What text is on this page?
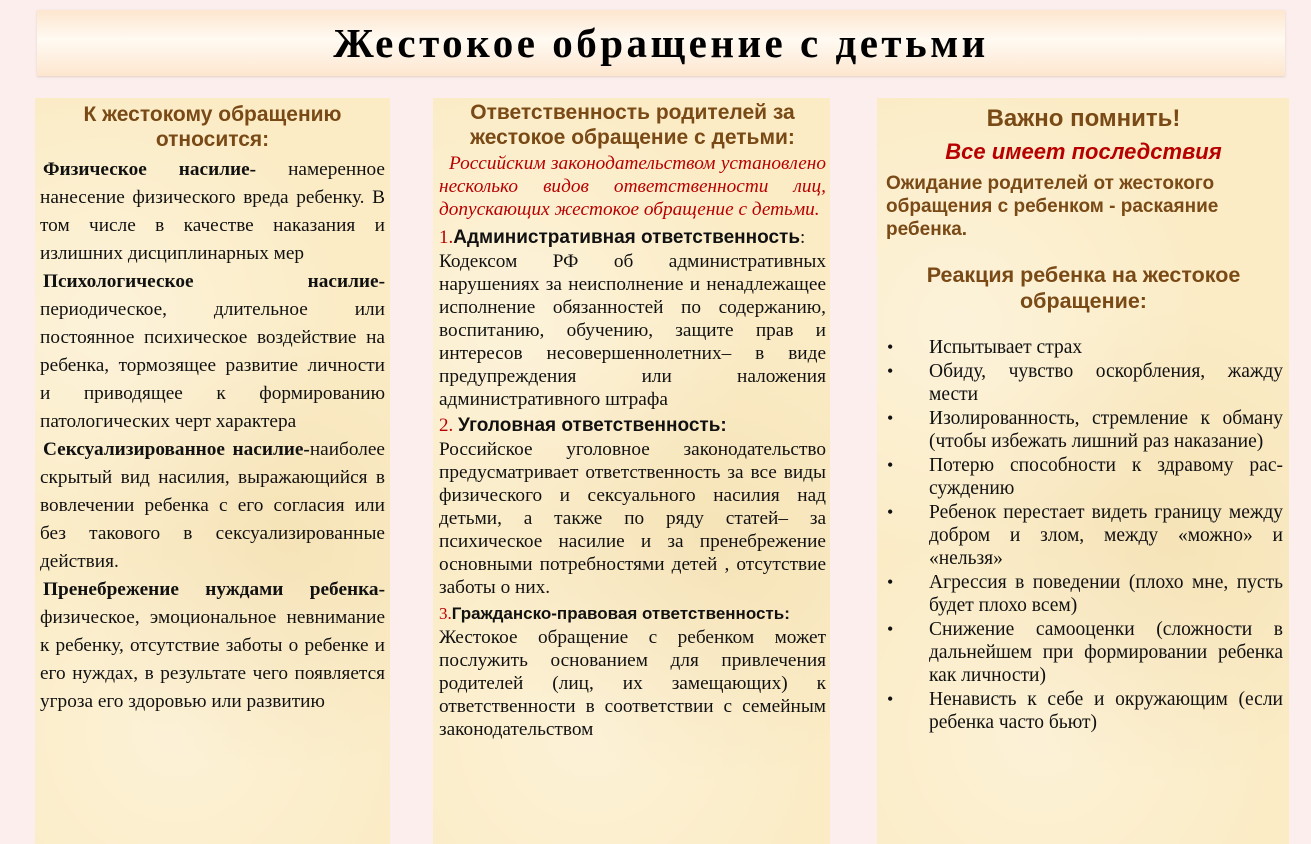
Жестокое обращение с детьми

К жестокому обращению относится:

Физическое насилие- намеренное нанесение физического вреда ребенку. В том числе в качестве наказания и излишних дисциплинарных мер

Психологическое насилие-периодическое, длительное или постоянное психическое воздействие на ребенка, тормозящее развитие личности и приводящее к формированию патологических черт характера

Сексуализированное насилие-наиболее скрытый вид насилия, выражающийся в вовлечении ребенка с его согласия или без такового в сексуализированные действия.

Пренебрежение нуждами ребенка-физическое, эмоциональное невнимание к ребенку, отсутствие заботы о ребенке и его нуждах, в результате чего появляется угроза его здоровью или развитию

Ответственность родителей за жестокое обращение с детьми:

Российским законодательством установлено несколько видов ответственности лиц, допускающих жестокое обращение с детьми.

1.Административная ответственность:

Кодексом РФ об административных нарушениях за неисполнение и ненадлежащее исполнение обязанностей по содержанию, воспитанию, обучению, защите прав и интересов несовершеннолетних– в виде предупреждения или наложения административного штрафа

2. Уголовная ответственность:

Российское уголовное законодательство предусматривает ответственность за все виды физического и сексуального насилия над детьми, а также по ряду статей– за психическое насилие и за пренебрежение основными потребностями детей , отсутствие заботы о них.

3.Гражданско-правовая ответственность:

Жестокое обращение с ребенком может послужить основанием для привлечения родителей (лиц, их замещающих) к ответственности в соответствии с семейным законодательством

Важно помнить!

Все имеет последствия

Ожидание родителей от жестокого обращения с ребенком - раскаяние ребенка.

Реакция ребенка на жестокое обращение:

• Испытывает страх
• Обиду, чувство оскорбления, жажду мести
• Изолированность, стремление к обману (чтобы избежать лишний раз наказание)
• Потерю способности к здравому рассуждению
• Ребенок перестает видеть границу между добром и злом, между «можно» и «нельзя»
• Агрессия в поведении (плохо мне, пусть будет плохо всем)
• Снижение самооценки (сложности в дальнейшем при формировании ребенка как личности)
• Ненависть к себе и окружающим (если ребенка часто бьют)
